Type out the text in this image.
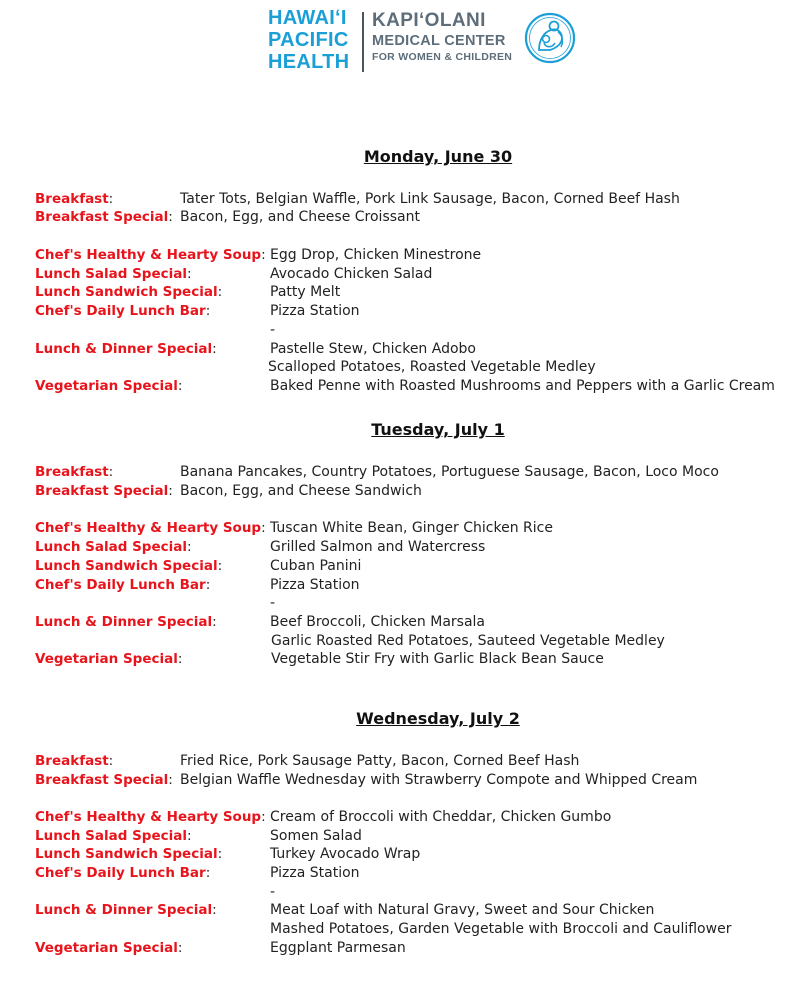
HAWAIʻI
PACIFIC
HEALTH
KAPIʻOLANI
MEDICAL CENTER
FOR WOMEN & CHILDREN
Monday, June 30
Breakfast:	Tater Tots, Belgian Waffle, Pork Link Sausage, Bacon, Corned Beef Hash
Breakfast Special: Bacon, Egg, and Cheese Croissant
Chef's Healthy & Hearty Soup: Egg Drop, Chicken Minestrone
Lunch Salad Special:	Avocado Chicken Salad
Lunch Sandwich Special:	Patty Melt
Chef's Daily Lunch Bar:	Pizza Station
-
Lunch & Dinner Special:	Pastelle Stew, Chicken Adobo
Scalloped Potatoes, Roasted Vegetable Medley
Vegetarian Special:	Baked Penne with Roasted Mushrooms and Peppers with a Garlic Cream
Tuesday, July 1
Breakfast:	Banana Pancakes, Country Potatoes, Portuguese Sausage, Bacon, Loco Moco
Breakfast Special: Bacon, Egg, and Cheese Sandwich
Chef's Healthy & Hearty Soup: Tuscan White Bean, Ginger Chicken Rice
Lunch Salad Special:	Grilled Salmon and Watercress
Lunch Sandwich Special:	Cuban Panini
Chef's Daily Lunch Bar:	Pizza Station
-
Lunch & Dinner Special:	Beef Broccoli, Chicken Marsala
Garlic Roasted Red Potatoes, Sauteed Vegetable Medley
Vegetarian Special:	Vegetable Stir Fry with Garlic Black Bean Sauce
Wednesday, July 2
Breakfast:	Fried Rice, Pork Sausage Patty, Bacon, Corned Beef Hash
Breakfast Special: Belgian Waffle Wednesday with Strawberry Compote and Whipped Cream
Chef's Healthy & Hearty Soup: Cream of Broccoli with Cheddar, Chicken Gumbo
Lunch Salad Special:	Somen Salad
Lunch Sandwich Special:	Turkey Avocado Wrap
Chef's Daily Lunch Bar:	Pizza Station
-
Lunch & Dinner Special:	Meat Loaf with Natural Gravy, Sweet and Sour Chicken
Mashed Potatoes, Garden Vegetable with Broccoli and Cauliflower
Vegetarian Special:	Eggplant Parmesan
